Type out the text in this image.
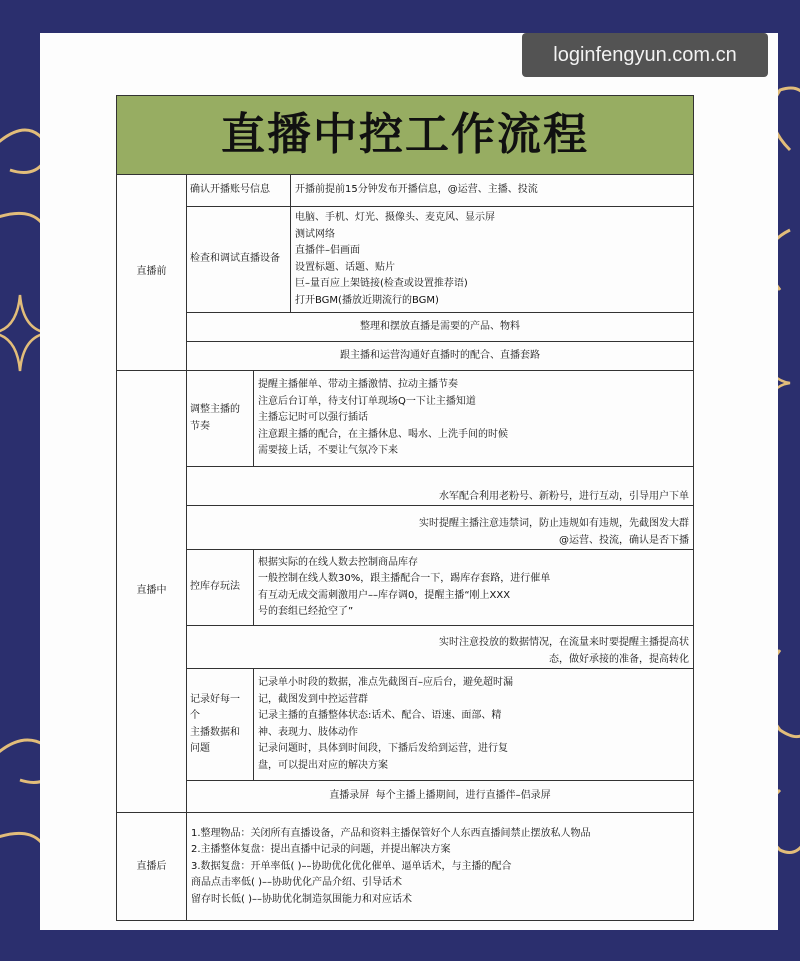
loginfengyun.com.cn
直播中控工作流程
直播前
确认开播账号信息	开播前提前15分钟发布开播信息，@运营、主播、投流
检查和调试直播设备
电脑、手机、灯光、摄像头、麦克风、显示屏
测试网络
直播伴–侣画面
设置标题、话题、贴片
巨–量百应上架链接(检查或设置推荐语)
打开BGM(播放近期流行的BGM)
整理和摆放直播是需要的产品、物料
跟主播和运营沟通好直播时的配合、直播套路
直播中
调整主播的
节奏
提醒主播催单、带动主播激情、拉动主播节奏
注意后台订单，待支付订单现场Q一下让主播知道
主播忘记时可以强行插话
注意跟主播的配合，在主播休息、喝水、上洗手间的时候
需要接上话，不要让气氛冷下来
水军配合利用老粉号、新粉号，进行互动，引导用户下单
实时提醒主播注意违禁词，防止违规如有违规，先截图发大群
@运营、投流，确认是否下播
控库存玩法
根据实际的在线人数去控制商品库存
一般控制在线人数30%，跟主播配合一下，踢库存套路，进行催单
有互动无成交需刺激用户––库存调0，提醒主播“刚上XXX
号的套组已经抢空了”
实时注意投放的数据情况，在流量来时要提醒主播提高状
态，做好承接的准备，提高转化
记录好每一
个
主播数据和
问题
记录单小时段的数据，准点先截图百–应后台，避免超时漏
记，截图发到中控运营群
记录主播的直播整体状态:话术、配合、语速、面部、精
神、表现力、肢体动作
记录问题时，具体到时间段，下播后发给到运营，进行复
盘，可以提出对应的解决方案
直播录屏  每个主播上播期间，进行直播伴–侣录屏
直播后
1.整理物品：关闭所有直播设备，产品和资料主播保管好个人东西直播间禁止摆放私人物品
2.主播整体复盘：提出直播中记录的问题，并提出解决方案
3.数据复盘：开单率低( )––协助优化优化催单、逼单话术，与主播的配合
商品点击率低( )––协助优化产品介绍、引导话术
留存时长低( )––协助优化制造氛围能力和对应话术
